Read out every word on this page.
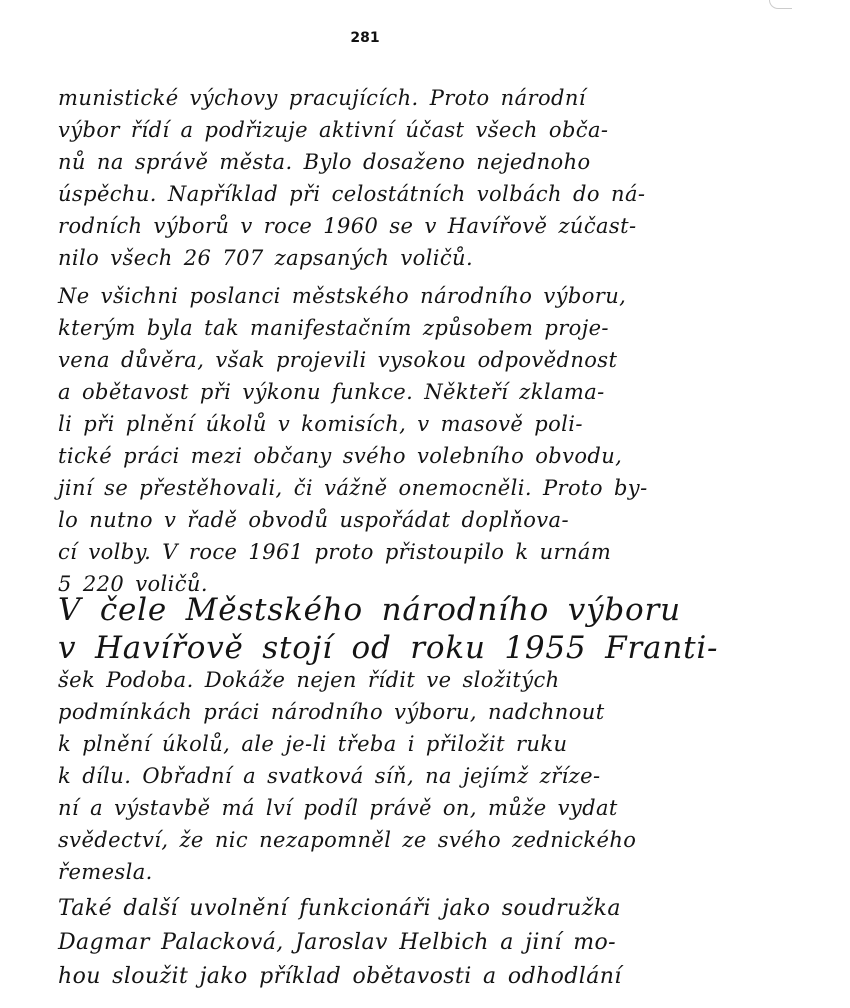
281
munistické výchovy pracujících. Proto národní
výbor řídí a podřizuje aktivní účast všech obča-
nů na správě města. Bylo dosaženo nejednoho
úspěchu. Například při celostátních volbách do ná-
rodních výborů v roce 1960 se v Havířově zúčast-
nilo všech 26 707 zapsaných voličů.
Ne všichni poslanci městského národního výboru,
kterým byla tak manifestačním způsobem proje-
vena důvěra, však projevili vysokou odpovědnost
a obětavost při výkonu funkce. Někteří zklama-
li při plnění úkolů v komisích, v masově poli-
tické práci mezi občany svého volebního obvodu,
jiní se přestěhovali, či vážně onemocněli. Proto by-
lo nutno v řadě obvodů uspořádat doplňova-
cí volby. V roce 1961 proto přistoupilo k urnám
5 220 voličů.
V čele Městského národního výboru
v Havířově stojí od roku 1955 Franti-
šek Podoba. Dokáže nejen řídit ve složitých
podmínkách práci národního výboru, nadchnout
k plnění úkolů, ale je-li třeba i přiložit ruku
k dílu. Obřadní a svatková síň, na jejímž zříze-
ní a výstavbě má lví podíl právě on, může vydat
svědectví, že nic nezapomněl ze svého zednického
řemesla.
Také další uvolnění funkcionáři jako soudružka
Dagmar Palacková, Jaroslav Helbich a jiní mo-
hou sloužit jako příklad obětavosti a odhodlání
